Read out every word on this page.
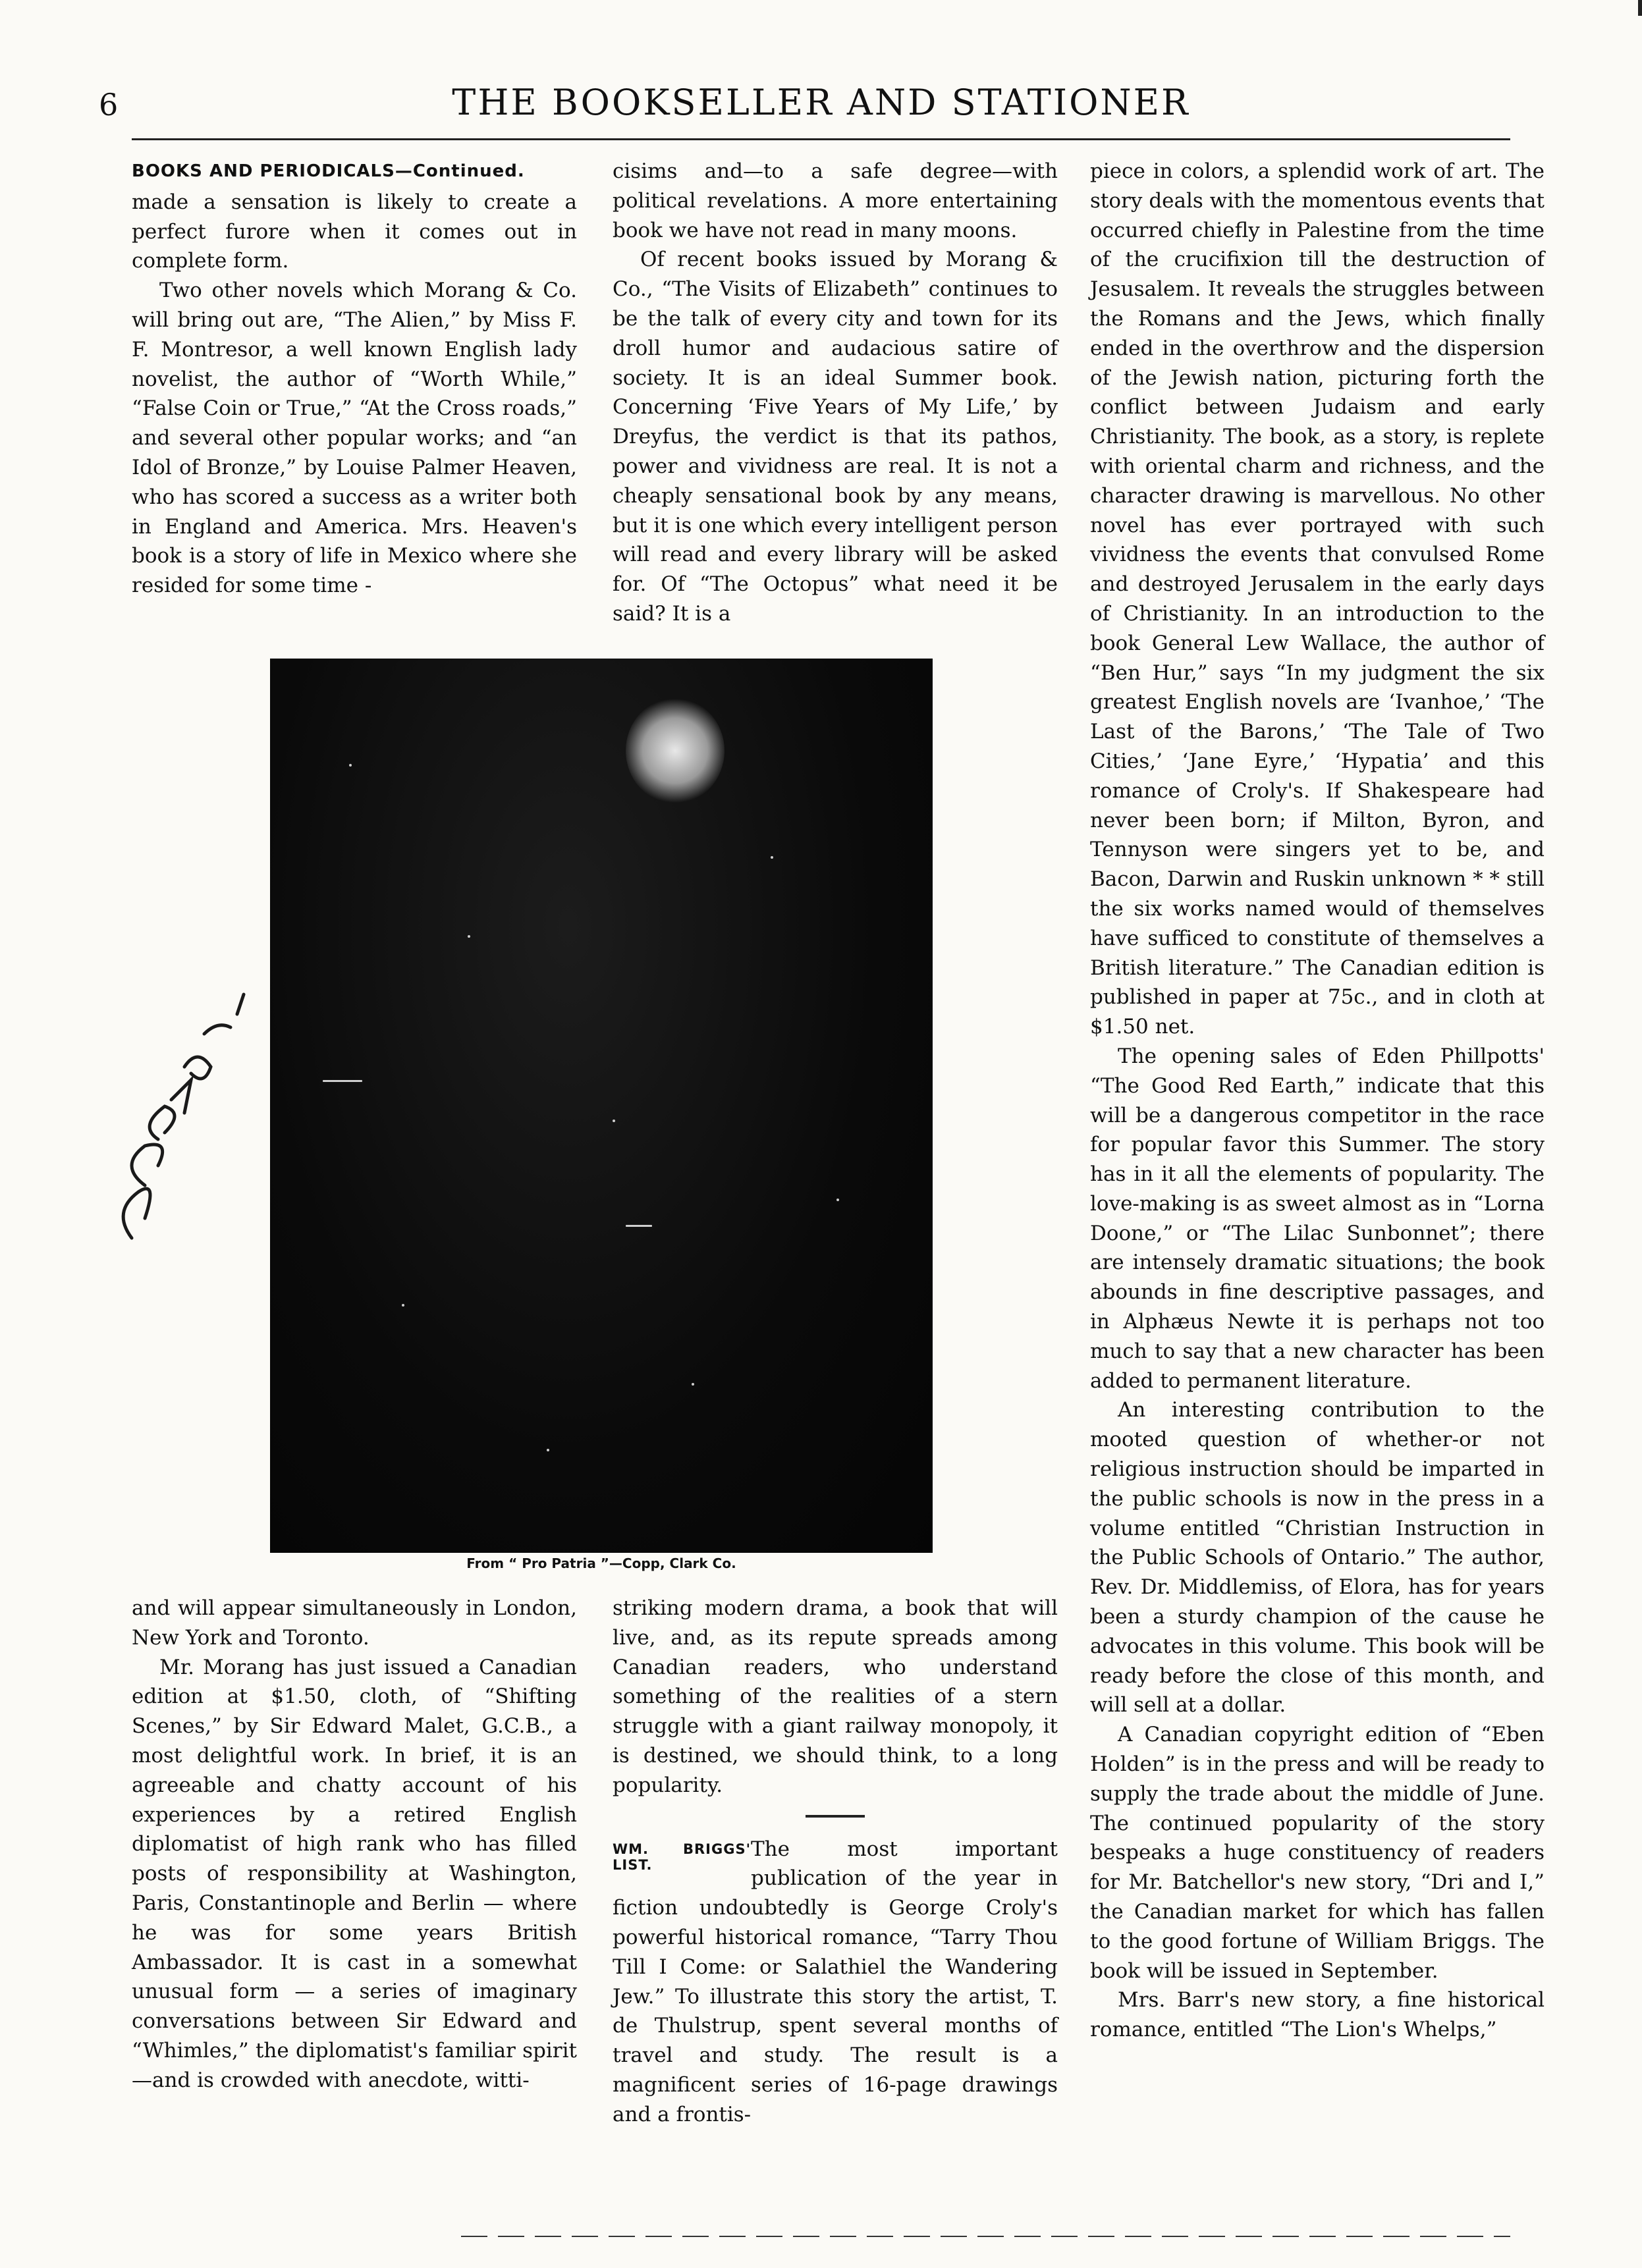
6	THE BOOKSELLER AND STATIONER
BOOKS AND PERIODICALS—Continued.

made a sensation is likely to create a perfect furore when it comes out in complete form.

Two other novels which Morang & Co. will bring out are, “The Alien,” by Miss F. F. Montresor, a well known English lady novelist, the author of “Worth While,” “False Coin or True,” “At the Cross roads,” and several other popular works; and “an Idol of Bronze,” by Louise Palmer Heaven, who has scored a success as a writer both in England and America. Mrs. Heaven's book is a story of life in Mexico where she resided for some time -

cisims and—to a safe degree—with political revelations. A more entertaining book we have not read in many moons.

Of recent books issued by Morang & Co., “The Visits of Elizabeth” continues to be the talk of every city and town for its droll humor and audacious satire of society. It is an ideal Summer book. Concerning ‘Five Years of My Life,’ by Dreyfus, the verdict is that its pathos, power and vividness are real. It is not a cheaply sensational book by any means, but it is one which every intelligent person will read and every library will be asked for. Of “The Octopus” what need it be said? It is a

piece in colors, a splendid work of art. The story deals with the momentous events that occurred chiefly in Palestine from the time of the crucifixion till the destruction of Jesusalem. It reveals the struggles between the Romans and the Jews, which finally ended in the overthrow and the dispersion of the Jewish nation, picturing forth the conflict between Judaism and early Christianity. The book, as a story, is replete with oriental charm and richness, and the character drawing is marvellous. No other novel has ever portrayed with such vividness the events that convulsed Rome and destroyed Jerusalem in the early days of Christianity. In an introduction to the book General Lew Wallace, the author of “Ben Hur,” says “In my judgment the six greatest English novels are ‘Ivanhoe,’ ‘The Last of the Barons,’ ‘The Tale of Two Cities,’ ‘Jane Eyre,’ ‘Hypatia’ and this romance of Croly's. If Shakespeare had never been born; if Milton, Byron, and Tennyson were singers yet to be, and Bacon, Darwin and Ruskin unknown * * still the six works named would of themselves have sufficed to constitute of themselves a British literature.” The Canadian edition is published in paper at 75c., and in cloth at $1.50 net.

The opening sales of Eden Phillpotts' “The Good Red Earth,” indicate that this will be a dangerous competitor in the race for popular favor this Summer. The story has in it all the elements of popularity. The love-making is as sweet almost as in “Lorna Doone,” or “The Lilac Sunbonnet”; there are intensely dramatic situations; the book abounds in fine descriptive passages, and in Alphæus Newte it is perhaps not too much to say that a new character has been added to permanent literature.

An interesting contribution to the mooted question of whether-or not religious instruction should be imparted in the public schools is now in the press in a volume entitled “Christian Instruction in the Public Schools of Ontario.” The author, Rev. Dr. Middlemiss, of Elora, has for years been a sturdy champion of the cause he advocates in this volume. This book will be ready before the close of this month, and will sell at a dollar.

A Canadian copyright edition of “Eben Holden” is in the press and will be ready to supply the trade about the middle of June. The continued popularity of the story bespeaks a huge constituency of readers for Mr. Batchellor's new story, “Dri and I,” the Canadian market for which has fallen to the good fortune of William Briggs. The book will be issued in September.

Mrs. Barr's new story, a fine historical romance, entitled “The Lion's Whelps,”

From “ Pro Patria ”—Copp, Clark Co.

and will appear simultaneously in London, New York and Toronto.

Mr. Morang has just issued a Canadian edition at $1.50, cloth, of “Shifting Scenes,” by Sir Edward Malet, G.C.B., a most delightful work. In brief, it is an agreeable and chatty account of his experiences by a retired English diplomatist of high rank who has filled posts of responsibility at Washington, Paris, Constantinople and Berlin — where he was for some years British Ambassador. It is cast in a somewhat unusual form — a series of imaginary conversations between Sir Edward and “Whimles,” the diplomatist's familiar spirit—and is crowded with anecdote, witti-

striking modern drama, a book that will live, and, as its repute spreads among Canadian readers, who understand something of the realities of a stern struggle with a giant railway monopoly, it is destined, we should think, to a long popularity.

WM. BRIGGS' LIST.

The most important publication of the year in fiction undoubtedly is George Croly's powerful historical romance, “Tarry Thou Till I Come: or Salathiel the Wandering Jew.” To illustrate this story the artist, T. de Thulstrup, spent several months of travel and study. The result is a magnificent series of 16-page drawings and a frontis-
